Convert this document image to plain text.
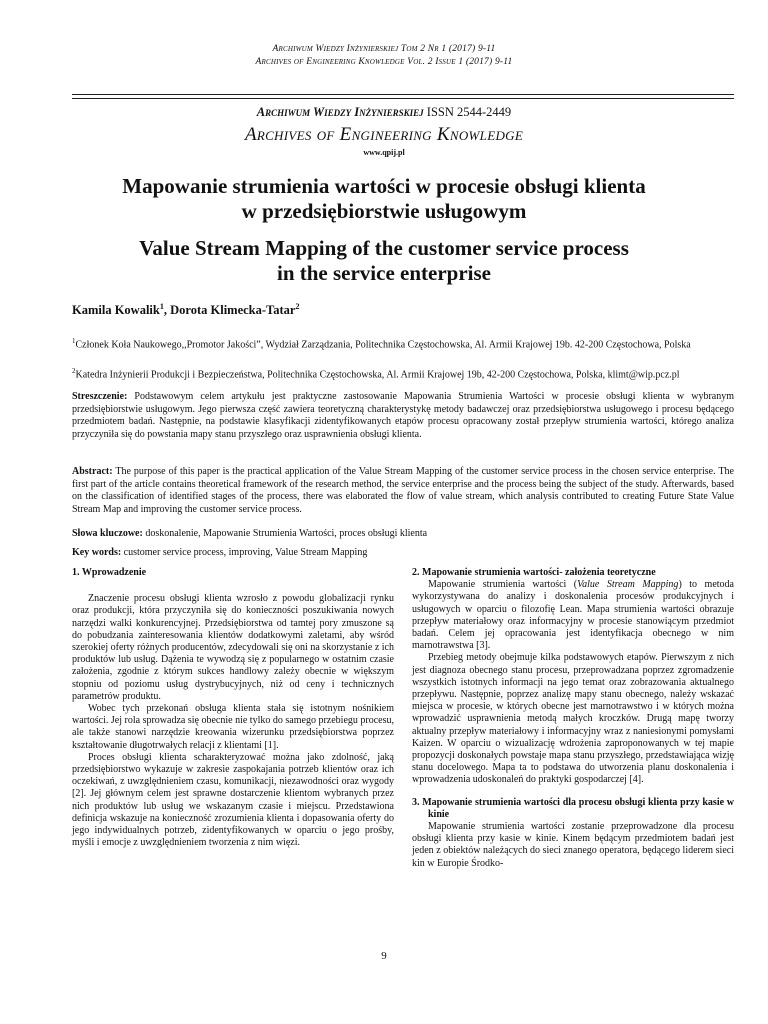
Archiwum Wiedzy Inżynierskiej Tom 2 Nr 1 (2017) 9-11
Archives of Engineering Knowledge Vol. 2 Issue 1 (2017) 9-11
Archiwum Wiedzy Inżynierskiej ISSN 2544-2449
Archives of Engineering Knowledge
www.qpij.pl
Mapowanie strumienia wartości w procesie obsługi klienta
w przedsiębiorstwie usługowym
Value Stream Mapping of the customer service process
in the service enterprise
Kamila Kowalik$^1$, Dorota Klimecka-Tatar$^2$
$^1$Członek Koła Naukowego,,Promotor Jakości”, Wydział Zarządzania, Politechnika Częstochowska, Al. Armii Krajowej 19b. 42-200 Częstochowa, Polska
$^2$Katedra Inżynierii Produkcji i Bezpieczeństwa, Politechnika Częstochowska, Al. Armii Krajowej 19b, 42-200 Częstochowa, Polska, klimt@wip.pcz.pl
Streszczenie: Podstawowym celem artykułu jest praktyczne zastosowanie Mapowania Strumienia Wartości w procesie obsługi klienta w wybranym przedsiębiorstwie usługowym. Jego pierwsza część zawiera teoretyczną charakterystykę metody badawczej oraz przedsiębiorstwa usługowego i procesu będącego przedmiotem badań. Następnie, na podstawie klasyfikacji zidentyfikowanych etapów procesu opracowany został przepływ strumienia wartości, którego analiza przyczyniła się do powstania mapy stanu przyszłego oraz usprawnienia obsługi klienta.
Abstract: The purpose of this paper is the practical application of the Value Stream Mapping of the customer service process in the chosen service enterprise. The first part of the article contains theoretical framework of the research method, the service enterprise and the process being the subject of the study. Afterwards, based on the classification of identified stages of the process, there was elaborated the flow of value stream, which analysis contributed to creating Future State Value Stream Map and improving the customer service process.
Słowa kluczowe: doskonalenie, Mapowanie Strumienia Wartości, proces obsługi klienta
Key words: customer service process, improving, Value Stream Mapping
1. Wprowadzenie

Znaczenie procesu obsługi klienta wzrosło z powodu globalizacji rynku oraz produkcji, która przyczyniła się do konieczności poszukiwania nowych narzędzi walki konkurencyjnej. Przedsiębiorstwa od tamtej pory zmuszone są do pobudzania zainteresowania klientów dodatkowymi zaletami, aby wśród szerokiej oferty różnych producentów, zdecydowali się oni na skorzystanie z ich produktów lub usług. Dążenia te wywodzą się z popularnego w ostatnim czasie założenia, zgodnie z którym sukces handlowy zależy obecnie w większym stopniu od poziomu usług dystrybucyjnych, niż od ceny i technicznych parametrów produktu.

Wobec tych przekonań obsługa klienta stała się istotnym nośnikiem wartości. Jej rola sprowadza się obecnie nie tylko do samego przebiegu procesu, ale także stanowi narzędzie kreowania wizerunku przedsiębiorstwa poprzez kształtowanie długotrwałych relacji z klientami [1].

Proces obsługi klienta scharakteryzować można jako zdolność, jaką przedsiębiorstwo wykazuje w zakresie zaspokajania potrzeb klientów oraz ich oczekiwań, z uwzględnieniem czasu, komunikacji, niezawodności oraz wygody [2]. Jej głównym celem jest sprawne dostarczenie klientom wybranych przez nich produktów lub usług we wskazanym czasie i miejscu. Przedstawiona definicja wskazuje na konieczność zrozumienia klienta i dopasowania oferty do jego indywidualnych potrzeb, zidentyfikowanych w oparciu o jego prośby, myśli i emocje z uwzględnieniem tworzenia z nim więzi.

2. Mapowanie strumienia wartości- założenia teoretyczne

Mapowanie strumienia wartości (Value Stream Mapping) to metoda wykorzystywana do analizy i doskonalenia procesów produkcyjnych i usługowych w oparciu o filozofię Lean. Mapa strumienia wartości obrazuje przepływ materiałowy oraz informacyjny w procesie stanowiącym przedmiot badań. Celem jej opracowania jest identyfikacja obecnego w nim marnotrawstwa [3].

Przebieg metody obejmuje kilka podstawowych etapów. Pierwszym z nich jest diagnoza obecnego stanu procesu, przeprowadzana poprzez zgromadzenie wszystkich istotnych informacji na jego temat oraz zobrazowania aktualnego przepływu. Następnie, poprzez analizę mapy stanu obecnego, należy wskazać miejsca w procesie, w których obecne jest marnotrawstwo i w których można wprowadzić usprawnienia metodą małych kroczków. Drugą mapę tworzy aktualny przepływ materiałowy i informacyjny wraz z naniesionymi pomysłami Kaizen. W oparciu o wizualizację wdrożenia zaproponowanych w tej mapie propozycji doskonałych powstaje mapa stanu przyszłego, przedstawiająca wizję stanu docelowego. Mapa ta to podstawa do utworzenia planu doskonalenia i wprowadzenia udoskonaleń do praktyki gospodarczej [4].

3. Mapowanie strumienia wartości dla procesu obsługi klienta przy kasie w kinie

Mapowanie strumienia wartości zostanie przeprowadzone dla procesu obsługi klienta przy kasie w kinie. Kinem będącym przedmiotem badań jest jeden z obiektów należących do sieci znanego operatora, będącego liderem sieci kin w Europie Środko-

9
